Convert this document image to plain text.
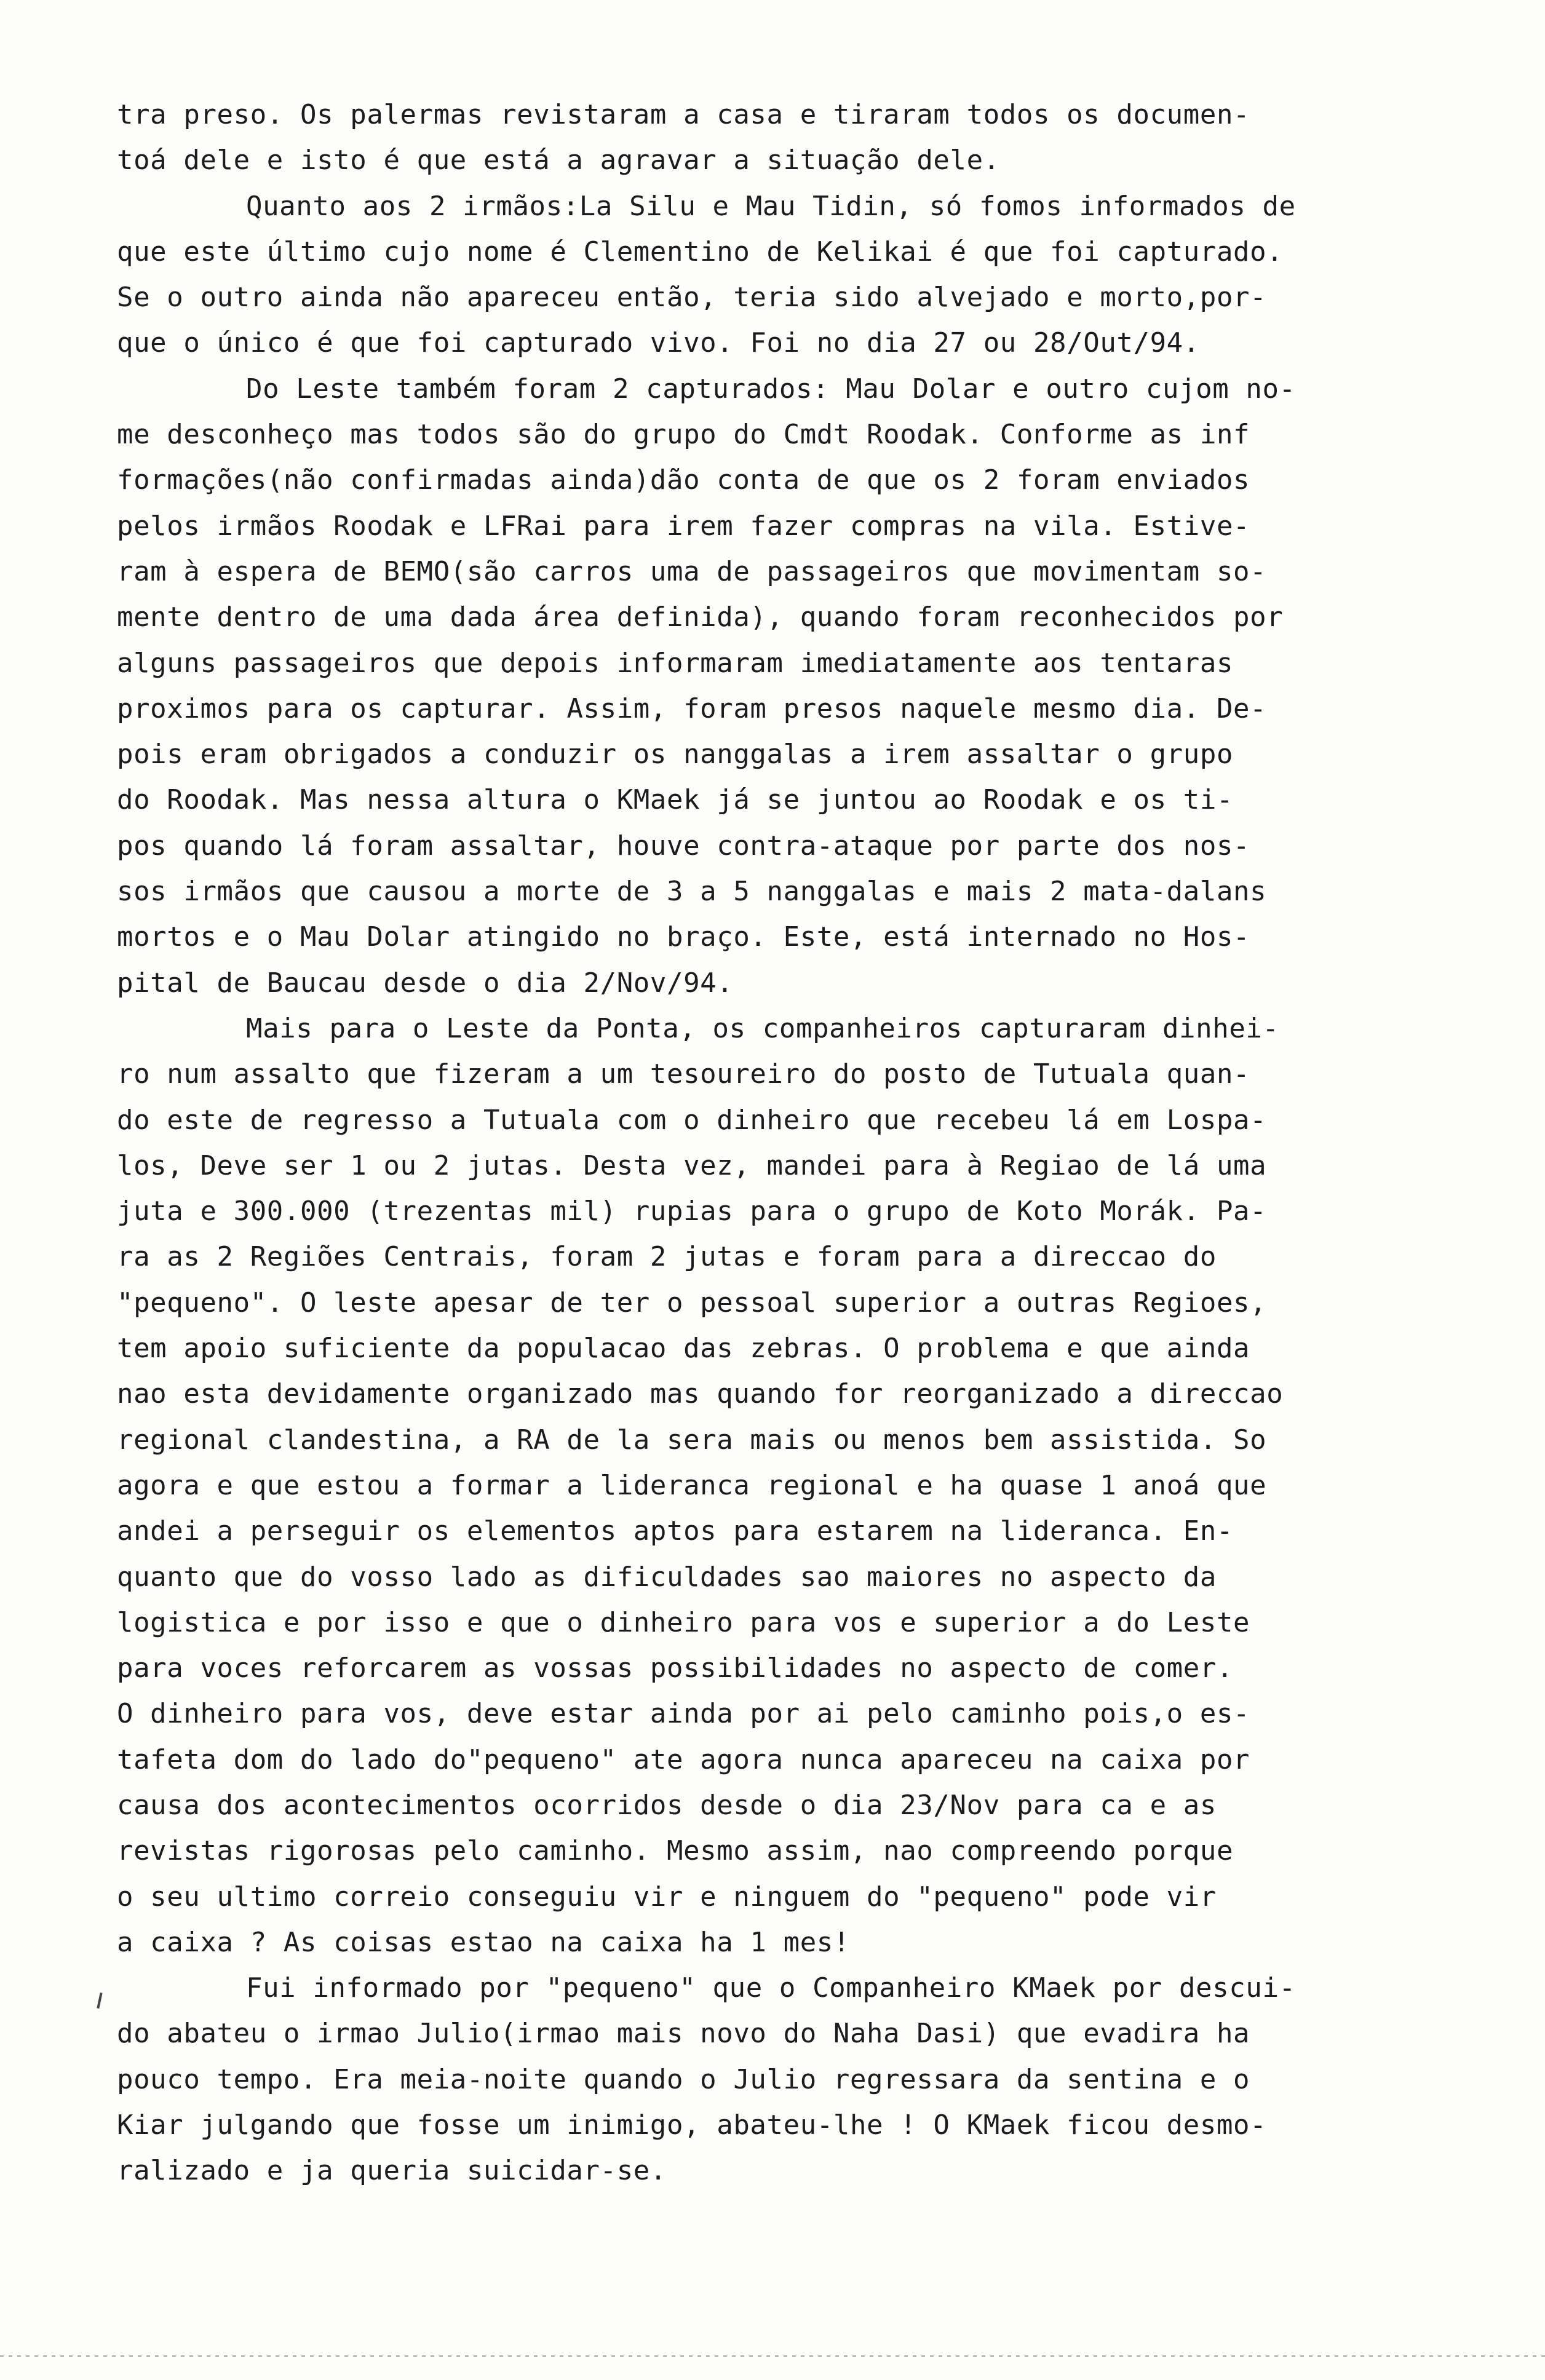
tra preso. Os palermas revistaram a casa e tiraram todos os documen-
toá dele e isto é que está a agravar a situação dele.
Quanto aos 2 irmãos:La Silu e Mau Tidin, só fomos informados de
que este último cujo nome é Clementino de Kelikai é que foi capturado.
Se o outro ainda não apareceu então, teria sido alvejado e morto,por-
que o único é que foi capturado vivo. Foi no dia 27 ou 28/Out/94.
Do Leste também foram 2 capturados: Mau Dolar e outro cujom no-
me desconheço mas todos são do grupo do Cmdt Roodak. Conforme as inf
formações(não confirmadas ainda)dão conta de que os 2 foram enviados
pelos irmãos Roodak e LFRai para irem fazer compras na vila. Estive-
ram à espera de BEMO(são carros uma de passageiros que movimentam so-
mente dentro de uma dada área definida), quando foram reconhecidos por
alguns passageiros que depois informaram imediatamente aos tentaras
proximos para os capturar. Assim, foram presos naquele mesmo dia. De-
pois eram obrigados a conduzir os nanggalas a irem assaltar o grupo
do Roodak. Mas nessa altura o KMaek já se juntou ao Roodak e os ti-
pos quando lá foram assaltar, houve contra-ataque por parte dos nos-
sos irmãos que causou a morte de 3 a 5 nanggalas e mais 2 mata-dalans
mortos e o Mau Dolar atingido no braço. Este, está internado no Hos-
pital de Baucau desde o dia 2/Nov/94.
Mais para o Leste da Ponta, os companheiros capturaram dinhei-
ro num assalto que fizeram a um tesoureiro do posto de Tutuala quan-
do este de regresso a Tutuala com o dinheiro que recebeu lá em Lospa-
los, Deve ser 1 ou 2 jutas. Desta vez, mandei para à Regiao de lá uma
juta e 300.000 (trezentas mil) rupias para o grupo de Koto Morák. Pa-
ra as 2 Regiões Centrais, foram 2 jutas e foram para a direccao do
"pequeno". O leste apesar de ter o pessoal superior a outras Regioes,
tem apoio suficiente da populacao das zebras. O problema e que ainda
nao esta devidamente organizado mas quando for reorganizado a direccao
regional clandestina, a RA de la sera mais ou menos bem assistida. So
agora e que estou a formar a lideranca regional e ha quase 1 anoá que
andei a perseguir os elementos aptos para estarem na lideranca. En-
quanto que do vosso lado as dificuldades sao maiores no aspecto da
logistica e por isso e que o dinheiro para vos e superior a do Leste
para voces reforcarem as vossas possibilidades no aspecto de comer.
O dinheiro para vos, deve estar ainda por ai pelo caminho pois,o es-
tafeta dom do lado do"pequeno" ate agora nunca apareceu na caixa por
causa dos acontecimentos ocorridos desde o dia 23/Nov para ca e as
revistas rigorosas pelo caminho. Mesmo assim, nao compreendo porque
o seu ultimo correio conseguiu vir e ninguem do "pequeno" pode vir
a caixa ? As coisas estao na caixa ha 1 mes!
Fui informado por "pequeno" que o Companheiro KMaek por descui-
do abateu o irmao Julio(irmao mais novo do Naha Dasi) que evadira ha
pouco tempo. Era meia-noite quando o Julio regressara da sentina e o
Kiar julgando que fosse um inimigo, abateu-lhe ! O KMaek ficou desmo-
ralizado e ja queria suicidar-se.
